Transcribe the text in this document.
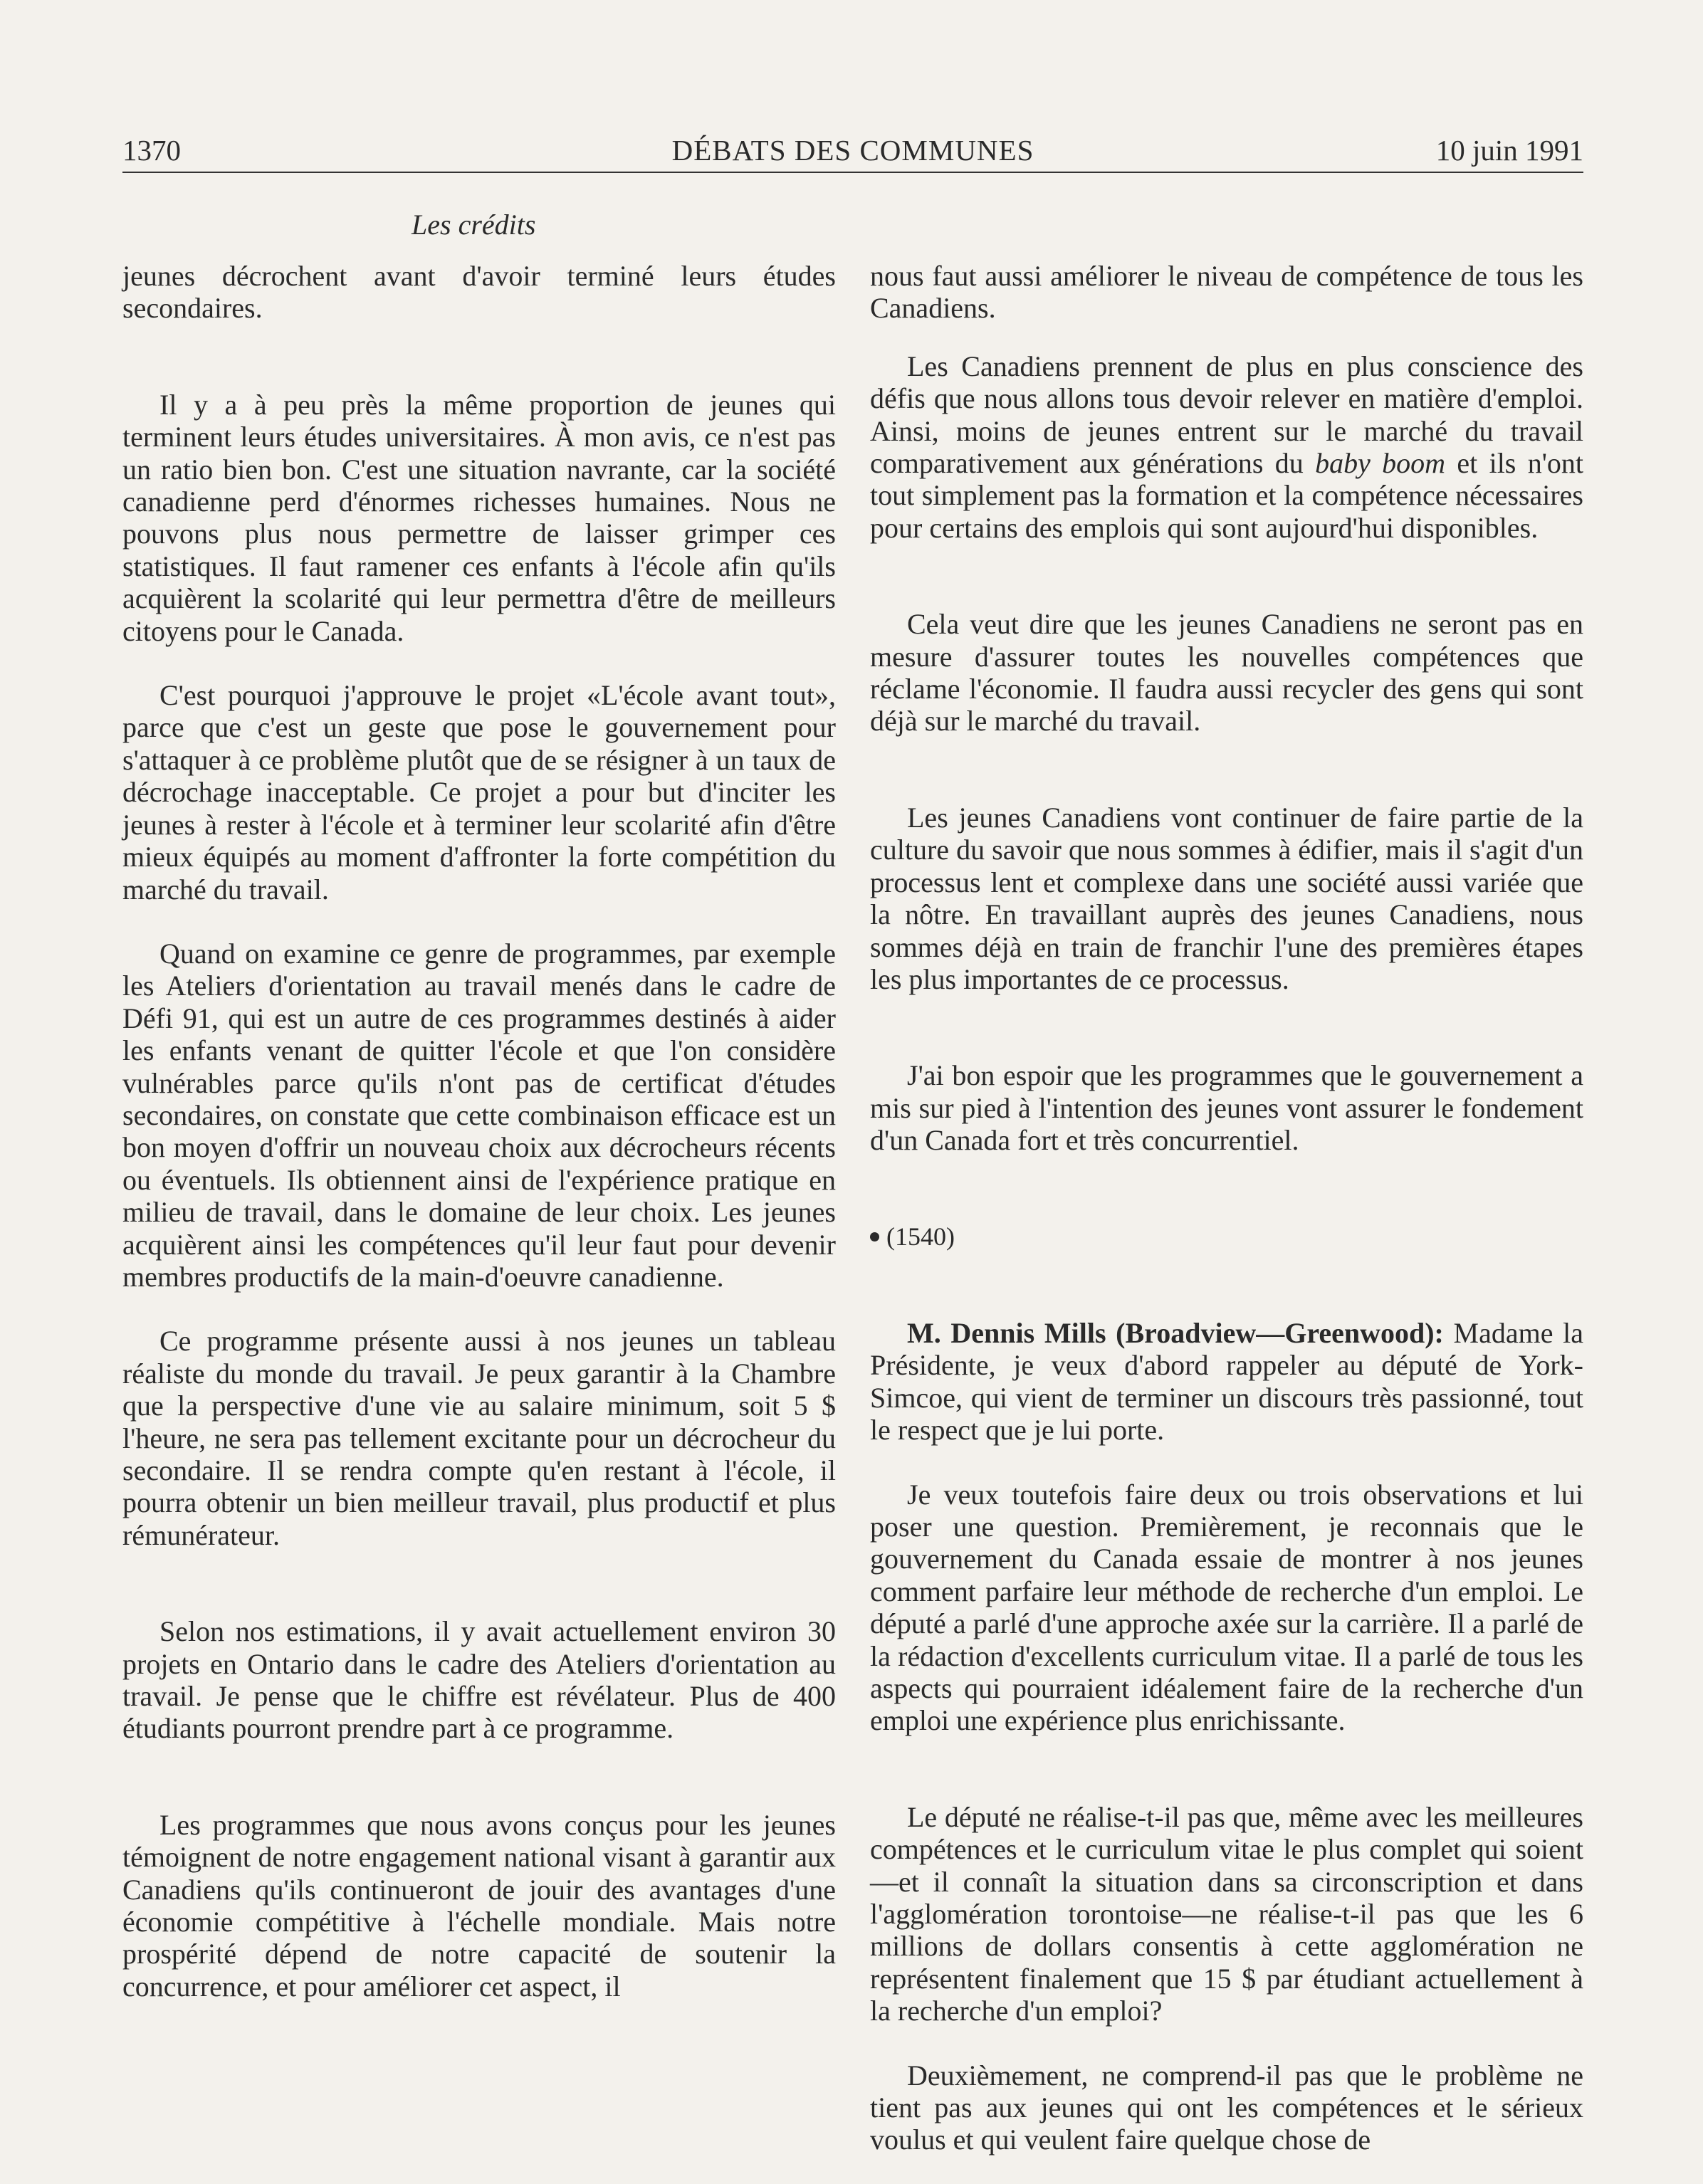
1370	DÉBATS DES COMMUNES	10 juin 1991
Les crédits

jeunes décrochent avant d'avoir terminé leurs études secondaires.

Il y a à peu près la même proportion de jeunes qui terminent leurs études universitaires. À mon avis, ce n'est pas un ratio bien bon. C'est une situation navrante, car la société canadienne perd d'énormes richesses humaines. Nous ne pouvons plus nous permettre de laisser grimper ces statistiques. Il faut ramener ces enfants à l'école afin qu'ils acquièrent la scolarité qui leur permettra d'être de meilleurs citoyens pour le Canada.

C'est pourquoi j'approuve le projet «L'école avant tout», parce que c'est un geste que pose le gouvernement pour s'attaquer à ce problème plutôt que de se résigner à un taux de décrochage inacceptable. Ce projet a pour but d'inciter les jeunes à rester à l'école et à terminer leur scolarité afin d'être mieux équipés au moment d'affronter la forte compétition du marché du travail.

Quand on examine ce genre de programmes, par exemple les Ateliers d'orientation au travail menés dans le cadre de Défi 91, qui est un autre de ces programmes destinés à aider les enfants venant de quitter l'école et que l'on considère vulnérables parce qu'ils n'ont pas de certificat d'études secondaires, on constate que cette combinaison efficace est un bon moyen d'offrir un nouveau choix aux décrocheurs récents ou éventuels. Ils obtiennent ainsi de l'expérience pratique en milieu de travail, dans le domaine de leur choix. Les jeunes acquièrent ainsi les compétences qu'il leur faut pour devenir membres productifs de la main-d'oeuvre canadienne.

Ce programme présente aussi à nos jeunes un tableau réaliste du monde du travail. Je peux garantir à la Chambre que la perspective d'une vie au salaire minimum, soit 5 $ l'heure, ne sera pas tellement excitante pour un décrocheur du secondaire. Il se rendra compte qu'en restant à l'école, il pourra obtenir un bien meilleur travail, plus productif et plus rémunérateur.

Selon nos estimations, il y avait actuellement environ 30 projets en Ontario dans le cadre des Ateliers d'orientation au travail. Je pense que le chiffre est révélateur. Plus de 400 étudiants pourront prendre part à ce programme.

Les programmes que nous avons conçus pour les jeunes témoignent de notre engagement national visant à garantir aux Canadiens qu'ils continueront de jouir des avantages d'une économie compétitive à l'échelle mondiale. Mais notre prospérité dépend de notre capacité de soutenir la concurrence, et pour améliorer cet aspect, il

nous faut aussi améliorer le niveau de compétence de tous les Canadiens.

Les Canadiens prennent de plus en plus conscience des défis que nous allons tous devoir relever en matière d'emploi. Ainsi, moins de jeunes entrent sur le marché du travail comparativement aux générations du baby boom et ils n'ont tout simplement pas la formation et la compétence nécessaires pour certains des emplois qui sont aujourd'hui disponibles.

Cela veut dire que les jeunes Canadiens ne seront pas en mesure d'assurer toutes les nouvelles compétences que réclame l'économie. Il faudra aussi recycler des gens qui sont déjà sur le marché du travail.

Les jeunes Canadiens vont continuer de faire partie de la culture du savoir que nous sommes à édifier, mais il s'agit d'un processus lent et complexe dans une société aussi variée que la nôtre. En travaillant auprès des jeunes Canadiens, nous sommes déjà en train de franchir l'une des premières étapes les plus importantes de ce processus.

J'ai bon espoir que les programmes que le gouvernement a mis sur pied à l'intention des jeunes vont assurer le fondement d'un Canada fort et très concurrentiel.

(1540)

M. Dennis Mills (Broadview—Greenwood): Madame la Présidente, je veux d'abord rappeler au député de York-Simcoe, qui vient de terminer un discours très passionné, tout le respect que je lui porte.

Je veux toutefois faire deux ou trois observations et lui poser une question. Premièrement, je reconnais que le gouvernement du Canada essaie de montrer à nos jeunes comment parfaire leur méthode de recherche d'un emploi. Le député a parlé d'une approche axée sur la carrière. Il a parlé de la rédaction d'excellents curriculum vitae. Il a parlé de tous les aspects qui pourraient idéalement faire de la recherche d'un emploi une expérience plus enrichissante.

Le député ne réalise-t-il pas que, même avec les meilleures compétences et le curriculum vitae le plus complet qui soient—et il connaît la situation dans sa circonscription et dans l'agglomération torontoise—ne réalise-t-il pas que les 6 millions de dollars consentis à cette agglomération ne représentent finalement que 15 $ par étudiant actuellement à la recherche d'un emploi?

Deuxièmement, ne comprend-il pas que le problème ne tient pas aux jeunes qui ont les compétences et le sérieux voulus et qui veulent faire quelque chose de
